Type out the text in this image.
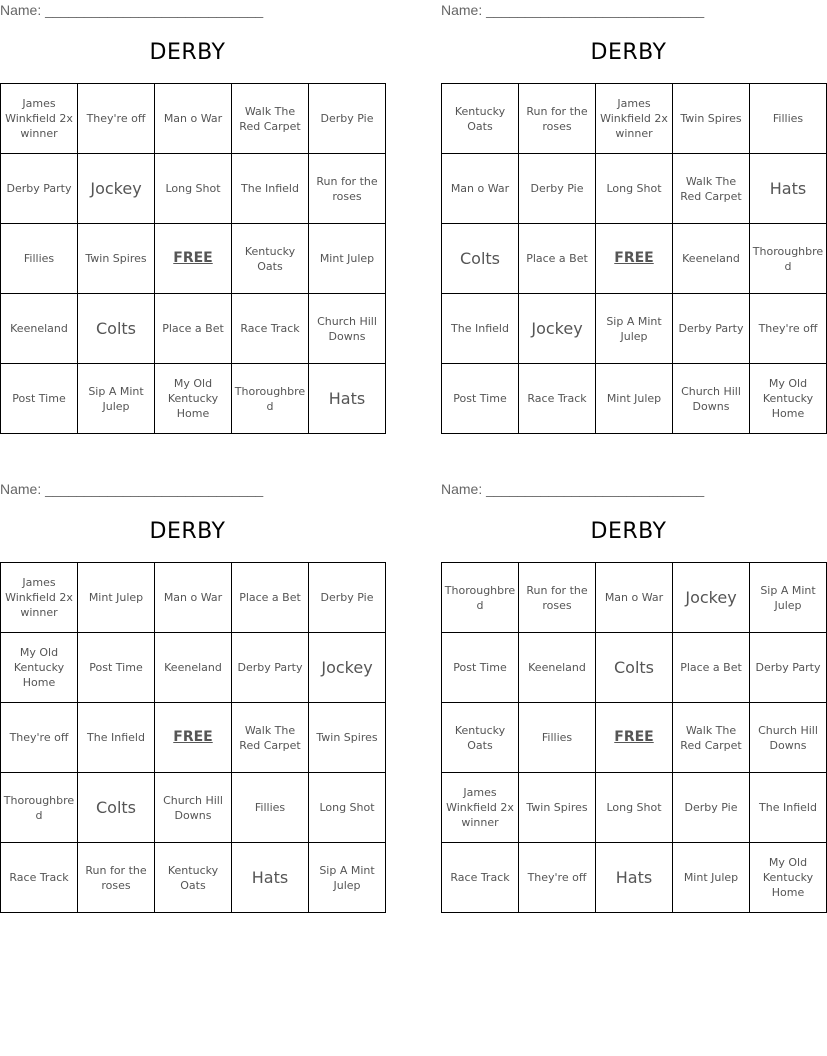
Name: ____________________________
DERBY
James Winkfield 2x winner	They're off	Man o War	Walk The Red Carpet	Derby Pie
Derby Party	Jockey	Long Shot	The Infield	Run for the roses
Fillies	Twin Spires	FREE	Kentucky Oats	Mint Julep
Keeneland	Colts	Place a Bet	Race Track	Church Hill Downs
Post Time	Sip A Mint Julep	My Old Kentucky Home	Thoroughbred	Hats
Name: ____________________________
DERBY
Kentucky Oats	Run for the roses	James Winkfield 2x winner	Twin Spires	Fillies
Man o War	Derby Pie	Long Shot	Walk The Red Carpet	Hats
Colts	Place a Bet	FREE	Keeneland	Thoroughbred
The Infield	Jockey	Sip A Mint Julep	Derby Party	They're off
Post Time	Race Track	Mint Julep	Church Hill Downs	My Old Kentucky Home
Name: ____________________________
DERBY
James Winkfield 2x winner	Mint Julep	Man o War	Place a Bet	Derby Pie
My Old Kentucky Home	Post Time	Keeneland	Derby Party	Jockey
They're off	The Infield	FREE	Walk The Red Carpet	Twin Spires
Thoroughbred	Colts	Church Hill Downs	Fillies	Long Shot
Race Track	Run for the roses	Kentucky Oats	Hats	Sip A Mint Julep
Name: ____________________________
DERBY
Thoroughbred	Run for the roses	Man o War	Jockey	Sip A Mint Julep
Post Time	Keeneland	Colts	Place a Bet	Derby Party
Kentucky Oats	Fillies	FREE	Walk The Red Carpet	Church Hill Downs
James Winkfield 2x winner	Twin Spires	Long Shot	Derby Pie	The Infield
Race Track	They're off	Hats	Mint Julep	My Old Kentucky Home
